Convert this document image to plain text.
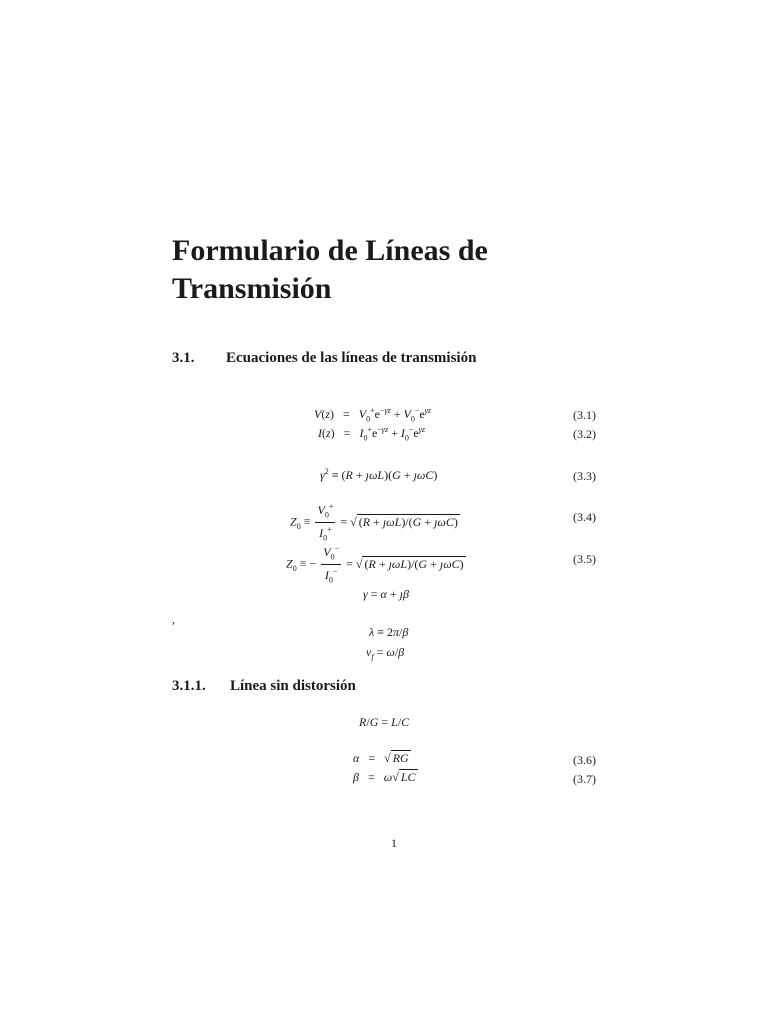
Formulario de Líneas de
Transmisión
3.1. Ecuaciones de las líneas de transmisión
$V(z) = V_0^+e^{-\gamma z} + V_0^-e^{\gamma z}$	(3.1)
$I(z) = I_0^+e^{-\gamma z} + I_0^-e^{\gamma z}$	(3.2)
$\gamma^2 \equiv (R$ + ȷωL)(G + ȷωC)	(3.3)
$Z_0 \equiv \frac{V_0^+}{I_0^+}$ = √ (R + ȷωL)/(G + ȷωC)	(3.4)
$Z_0$ ≡ − $\frac{V_0^-}{I_0^-}$ = √ (R + ȷωL)/(G + ȷωC)	(3.5)
γ = α + ȷβ
,
λ ≡ 2π/β
$v_f = \omega/\beta$
3.1.1. Línea sin distorsión
R/G = L/C
α   =   √ RG	(3.6)
β   =   ω√ LC	(3.7)
1
